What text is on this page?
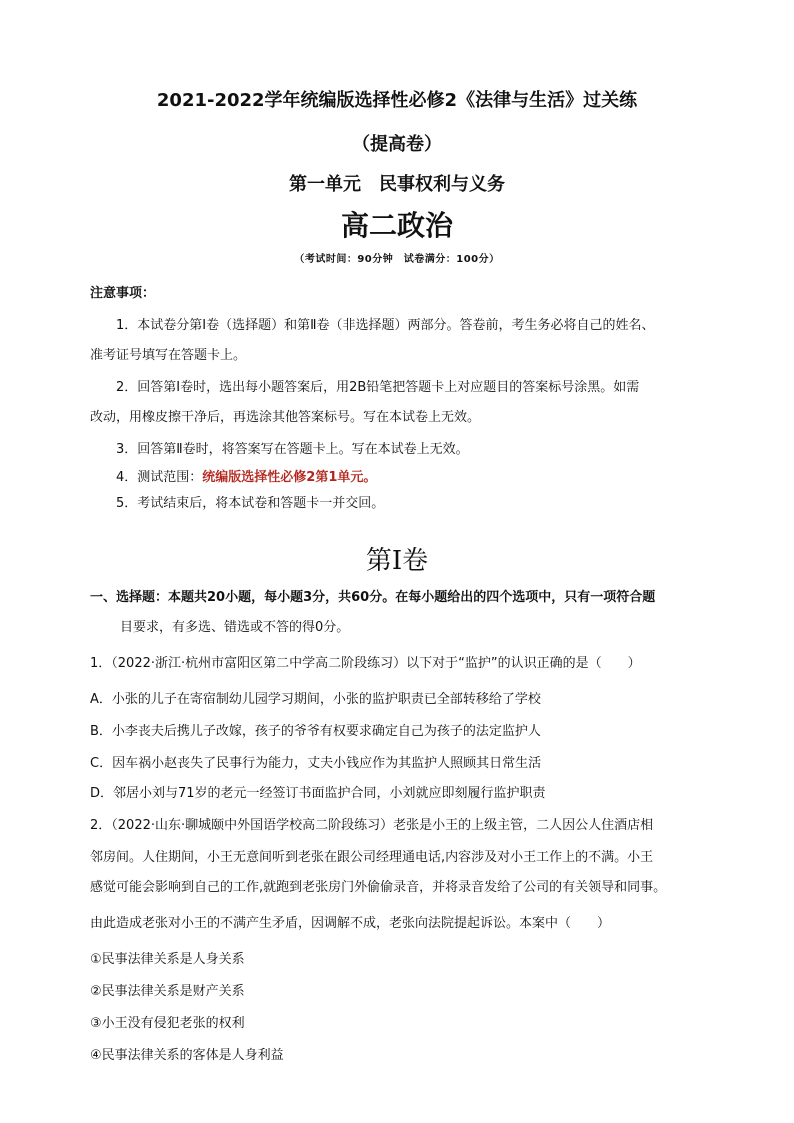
2021-2022学年统编版选择性必修2《法律与生活》过关练
（提高卷）
第一单元　民事权利与义务
高二政治
（考试时间：90分钟　试卷满分：100分）
注意事项：
1．本试卷分第Ⅰ卷（选择题）和第Ⅱ卷（非选择题）两部分。答卷前，考生务必将自己的姓名、
准考证号填写在答题卡上。
2．回答第Ⅰ卷时，选出每小题答案后，用2B铅笔把答题卡上对应题目的答案标号涂黑。如需
改动，用橡皮擦干净后，再选涂其他答案标号。写在本试卷上无效。
3．回答第Ⅱ卷时，将答案写在答题卡上。写在本试卷上无效。
4．测试范围：统编版选择性必修2第1单元。
5．考试结束后，将本试卷和答题卡一并交回。
第Ⅰ卷
一、选择题：本题共20小题，每小题3分，共60分。在每小题给出的四个选项中，只有一项符合题
目要求，有多选、错选或不答的得0分。
1．（2022·浙江·杭州市富阳区第二中学高二阶段练习）以下对于“监护”的认识正确的是（　　）
A．小张的儿子在寄宿制幼儿园学习期间，小张的监护职责已全部转移给了学校
B．小李丧夫后携儿子改嫁，孩子的爷爷有权要求确定自己为孩子的法定监护人
C．因车祸小赵丧失了民事行为能力，丈夫小钱应作为其监护人照顾其日常生活
D．邻居小刘与71岁的老元一经签订书面监护合同，小刘就应即刻履行监护职责
2．（2022·山东·聊城颐中外国语学校高二阶段练习）老张是小王的上级主管，二人因公人住酒店相
邻房间。人住期间，小王无意间听到老张在跟公司经理通电话,内容涉及对小王工作上的不满。小王
感觉可能会影响到自己的工作,就跑到老张房门外偷偷录音，并将录音发给了公司的有关领导和同事。
由此造成老张对小王的不满产生矛盾，因调解不成，老张向法院提起诉讼。本案中（　　）
①民事法律关系是人身关系
②民事法律关系是财产关系
③小王没有侵犯老张的权利
④民事法律关系的客体是人身利益
